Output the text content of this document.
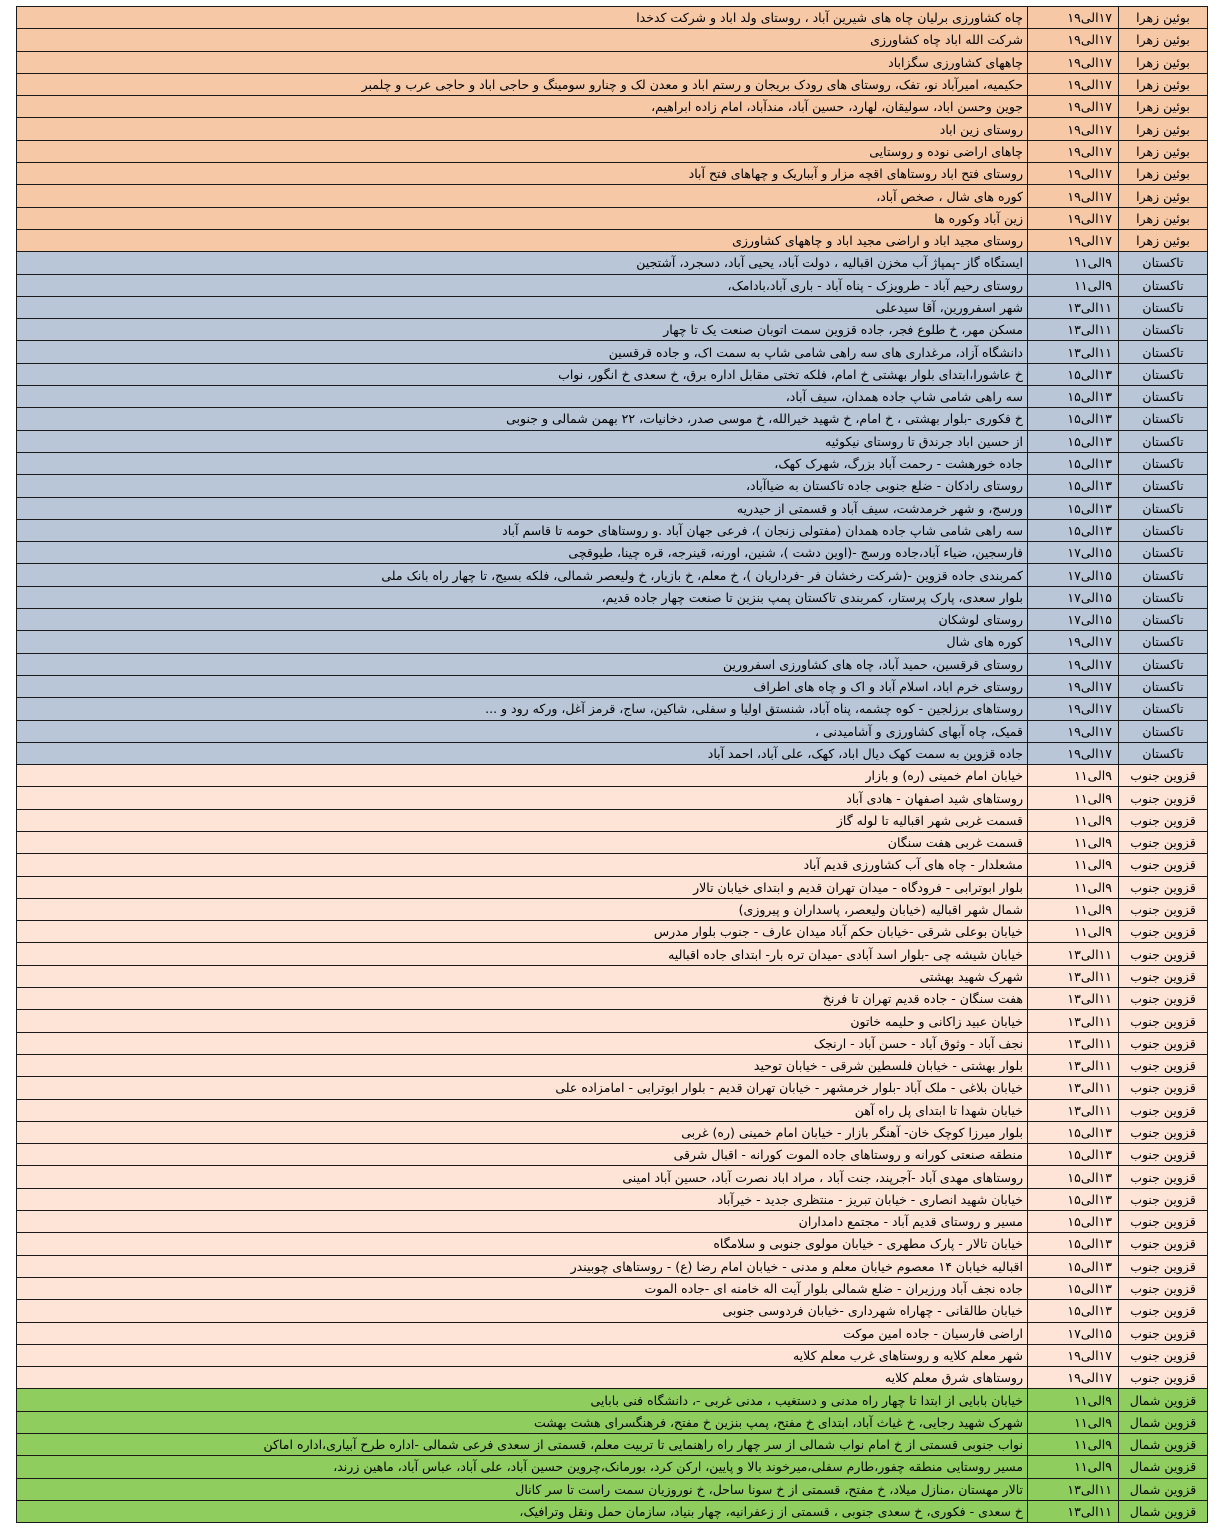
بوئین زهرا	۱۷الی۱۹	چاه کشاورزی برلیان چاه های شیرین آباد ، روستای ولد اباد و شرکت کدخدا
بوئین زهرا	۱۷الی۱۹	شرکت الله اباد چاه کشاورزی
بوئین زهرا	۱۷الی۱۹	چاههای کشاورزی سگزاباد
بوئین زهرا	۱۷الی۱۹	حکیمیه، امیرآباد نو، تفک، روستای های رودک بریجان و رستم اباد و معدن لک و چنارو سومینگ و حاجی اباد و حاجی عرب و چلمبر
بوئین زهرا	۱۷الی۱۹	جوین وحسن اباد، سولیقان، لهارد، حسین آباد، مندآباد، امام زاده ابراهیم،
بوئین زهرا	۱۷الی۱۹	روستای زین اباد
بوئین زهرا	۱۷الی۱۹	چاهای اراضی نوده و روستایی
بوئین زهرا	۱۷الی۱۹	روستای فتح اباد روستاهای اقچه مزار و آبباریک و چهاهای فتح آباد
بوئین زهرا	۱۷الی۱۹	کوره های شال ، صخص آباد،
بوئین زهرا	۱۷الی۱۹	زین آباد وکوره ها
بوئین زهرا	۱۷الی۱۹	روستای مجید اباد و اراضی مجید اباد و چاههای کشاورزی
تاکستان	۹الی۱۱	ایستگاه گاز -پمپاژ آب مخزن اقبالیه ، دولت آباد، یحیی آباد، دسجرد، آشتجین
تاکستان	۹الی۱۱	روستای رحیم آباد - طرویزک - پناه آباد - باری آباد،بادامک،
تاکستان	۱۱الی۱۳	شهر اسفرورین، آقا سیدعلی
تاکستان	۱۱الی۱۳	مسکن مهر، خ طلوع فجر، جاده قزوین سمت اتوبان صنعت یک تا چهار
تاکستان	۱۱الی۱۳	دانشگاه آزاد، مرغداری های سه راهی شامی شاپ به سمت اک، و جاده قرقسین
تاکستان	۱۳الی۱۵	خ عاشورا،ابتدای بلوار بهشتی خ امام، فلکه تختی مقابل اداره برق، خ سعدی خ انگور، نواب
تاکستان	۱۳الی۱۵	سه راهی شامی شاپ جاده همدان، سیف آباد،
تاکستان	۱۳الی۱۵	خ فکوری -بلوار بهشتی ، خ امام، خ شهید خیرالله، خ موسی صدر، دخانیات، ۲۲ بهمن شمالی و جنوبی
تاکستان	۱۳الی۱۵	از حسین اباد جرندق تا روستای نیکوئیه
تاکستان	۱۳الی۱۵	جاده خورهشت - رحمت آباد بزرگ، شهرک کهک،
تاکستان	۱۳الی۱۵	روستای رادکان - ضلع جنوبی جاده تاکستان به ضیاآباد،
تاکستان	۱۳الی۱۵	ورسج، و شهر خرمدشت، سیف آباد و قسمتی از حیدریه
تاکستان	۱۳الی۱۵	سه راهی شامی شاپ جاده همدان (مفتولی زنجان )، فرعی جهان آباد .و روستاهای حومه تا قاسم آباد
تاکستان	۱۵الی۱۷	فارسجین، ضیاء آباد،جاده ورسج -(اوین دشت )، شنین، اورنه، قینرجه، قره چینا، طیوقچی
تاکستان	۱۵الی۱۷	کمربندی جاده قزوین -(شرکت رخشان فر -فرداریان )، خ معلم، خ بازیار، خ ولیعصر شمالی، فلکه بسیج، تا چهار راه بانک ملی
تاکستان	۱۵الی۱۷	بلوار سعدی، پارک پرستار، کمربندی تاکستان پمپ بنزین تا صنعت چهار جاده قدیم،
تاکستان	۱۵الی۱۷	روستای لوشکان
تاکستان	۱۷الی۱۹	کوره های شال
تاکستان	۱۷الی۱۹	روستای قرقسین، حمید آباد، چاه های کشاورزی اسفرورین
تاکستان	۱۷الی۱۹	روستای خرم اباد، اسلام آباد و اک و چاه های اطراف
تاکستان	۱۷الی۱۹	روستاهای برزلجین - کوه چشمه، پناه آباد، شنستق اولیا و سفلی، شاکین، ساج، قرمز آغل، ورکه رود و ...
تاکستان	۱۷الی۱۹	قمیک، چاه آبهای کشاورزی و آشامیدنی ،
تاکستان	۱۷الی۱۹	جاده قزوین به سمت کهک دیال اباد، کهک، علی آباد، احمد آباد
قزوین جنوب	۹الی۱۱	خیابان امام خمینی (ره) و بازار
قزوین جنوب	۹الی۱۱	روستاهای شید اصفهان - هادی آباد
قزوین جنوب	۹الی۱۱	قسمت غربی شهر اقبالیه تا لوله گاز
قزوین جنوب	۹الی۱۱	قسمت غربی هفت سنگان
قزوین جنوب	۹الی۱۱	مشعلدار - چاه های آب کشاورزی قدیم آباد
قزوین جنوب	۹الی۱۱	بلوار ابوترابی - فرودگاه - میدان تهران قدیم و ابتدای خیابان تالار
قزوین جنوب	۹الی۱۱	شمال شهر اقبالیه (خیابان ولیعصر، پاسداران و پیروزی)
قزوین جنوب	۹الی۱۱	خیابان بوعلی شرقی -خیابان حکم آباد میدان عارف - جنوب بلوار مدرس
قزوین جنوب	۱۱الی۱۳	خیابان شیشه چی -بلوار اسد آبادی -میدان تره بار- ابتدای جاده اقبالیه
قزوین جنوب	۱۱الی۱۳	شهرک شهید بهشتی
قزوین جنوب	۱۱الی۱۳	هفت سنگان - جاده قدیم تهران تا فرنخ
قزوین جنوب	۱۱الی۱۳	خیابان عبید زاکانی و حلیمه خاتون
قزوین جنوب	۱۱الی۱۳	نجف آباد - وثوق آباد - حسن آباد - ارنجک
قزوین جنوب	۱۱الی۱۳	بلوار بهشتی - خیابان فلسطین شرقی - خیابان توحید
قزوین جنوب	۱۱الی۱۳	خیابان بلاغی - ملک آباد -بلوار خرمشهر - خیابان تهران قدیم - بلوار ابوترابی - امامزاده علی
قزوین جنوب	۱۱الی۱۳	خیابان شهدا تا ابتدای پل راه آهن
قزوین جنوب	۱۳الی۱۵	بلوار میرزا کوچک خان- آهنگر بازار - خیابان امام خمینی (ره) غربی
قزوین جنوب	۱۳الی۱۵	منطقه صنعتی کورانه و روستاهای جاده الموت کورانه - اقبال شرقی
قزوین جنوب	۱۳الی۱۵	روستاهای مهدی آباد -آجرپند، جنت آباد ، مراد اباد نصرت آباد، حسین آباد امینی
قزوین جنوب	۱۳الی۱۵	خیابان شهید انصاری - خیابان تبریز - منتظری جدید - خیرآباد
قزوین جنوب	۱۳الی۱۵	مسیر و روستای قدیم آباد - مجتمع دامداران
قزوین جنوب	۱۳الی۱۵	خیابان تالار - پارک مطهری - خیابان مولوی جنوبی و سلامگاه
قزوین جنوب	۱۳الی۱۵	اقبالیه خیابان ۱۴ معصوم خیابان معلم و مدنی - خیابان امام رضا (ع) - روستاهای چوبیندر
قزوین جنوب	۱۳الی۱۵	جاده نجف آباد ورزیران - ضلع شمالی بلوار آیت اله خامنه ای -جاده الموت
قزوین جنوب	۱۳الی۱۵	خیابان طالقانی - چهاراه شهرداری -خیابان فردوسی جنوبی
قزوین جنوب	۱۵الی۱۷	اراضی فارسیان - جاده امین موکت
قزوین جنوب	۱۷الی۱۹	شهر معلم کلایه و روستاهای غرب معلم کلایه
قزوین جنوب	۱۷الی۱۹	روستاهای شرق معلم کلایه
قزوین شمال	۹الی۱۱	خیابان بابایی از ابتدا تا چهار راه مدنی و دستغیب ، مدنی غربی -، دانشگاه فنی بابایی
قزوین شمال	۹الی۱۱	شهرک شهید رجایی، خ غیاث آباد، ابتدای خ مفتح، پمپ بنزین خ مفتح، فرهنگسرای هشت بهشت
قزوین شمال	۹الی۱۱	نواب جنوبی قسمتی از خ امام نواب شمالی از سر چهار راه راهنمایی تا تربیت معلم، قسمتی از سعدی فرعی شمالی -اداره طرح آبیاری،اداره اماکن
قزوین شمال	۹الی۱۱	مسیر روستایی منطقه چفور،طارم سفلی،میرخوند بالا و پایین، ارکن کرد، بورمانک،چروین حسین آباد، علی آباد، عباس آباد، ماهین زرند،
قزوین شمال	۱۱الی۱۳	تالار مهستان ،منازل میلاد، خ مفتح، قسمتی از خ سونا ساحل، خ نوروزیان سمت راست تا سر کانال
قزوین شمال	۱۱الی۱۳	خ سعدی - فکوری، خ سعدی جنوبی ، قسمتی از زعفرانیه، چهار بنیاد، سازمان حمل ونقل وترافیک،
